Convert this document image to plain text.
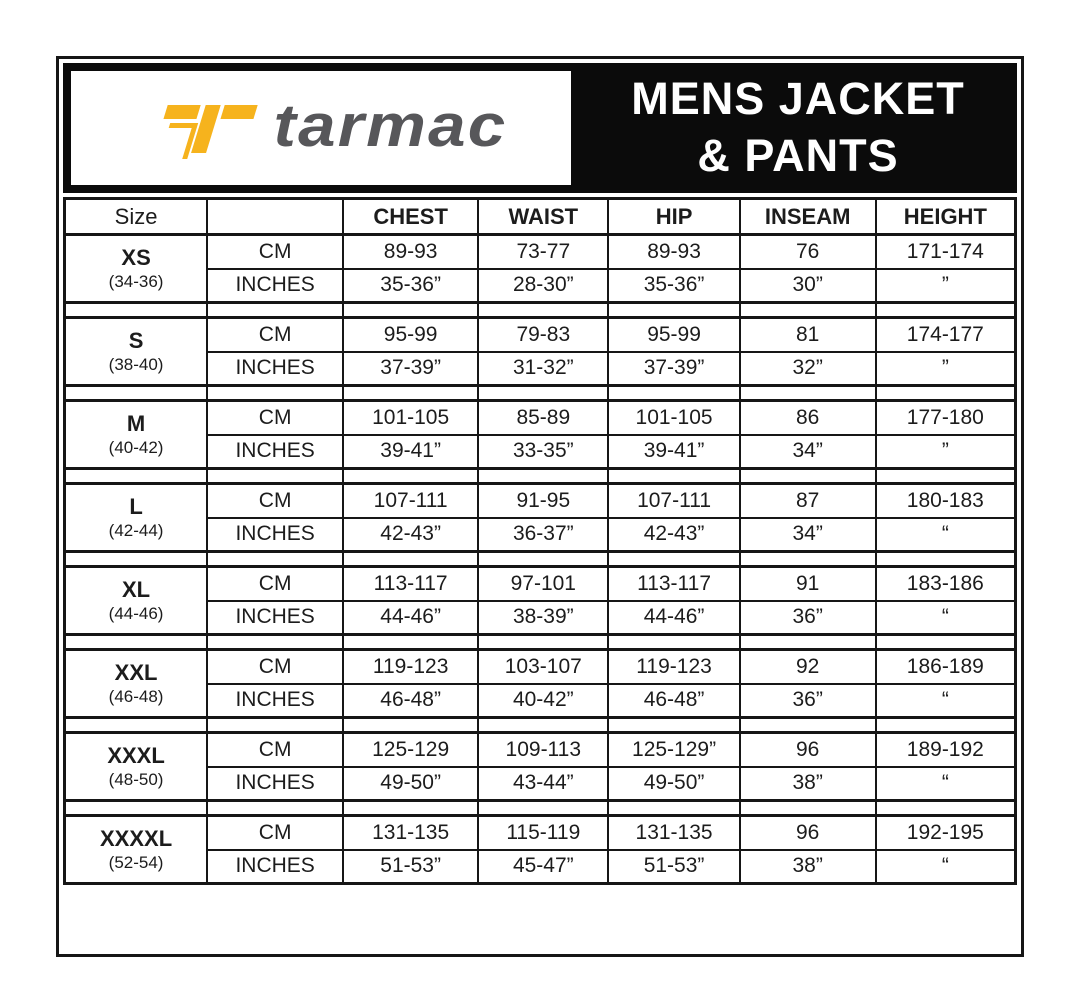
tarmac	MENS JACKET
& PANTS
Size		CHEST	WAIST	HIP	INSEAM	HEIGHT

XS
(34-36)	CM	89-93	73-77	89-93	76	171-174
	INCHES	35-36”	28-30”	35-36”	30”	”

S
(38-40)	CM	95-99	79-83	95-99	81	174-177
	INCHES	37-39”	31-32”	37-39”	32”	”

M
(40-42)	CM	101-105	85-89	101-105	86	177-180
	INCHES	39-41”	33-35”	39-41”	34”	”

L
(42-44)	CM	107-111	91-95	107-111	87	180-183
	INCHES	42-43”	36-37”	42-43”	34”	“

XL
(44-46)	CM	113-117	97-101	113-117	91	183-186
	INCHES	44-46”	38-39”	44-46”	36”	“

XXL
(46-48)	CM	119-123	103-107	119-123	92	186-189
	INCHES	46-48”	40-42”	46-48”	36”	“

XXXL
(48-50)	CM	125-129	109-113	125-129”	96	189-192
	INCHES	49-50”	43-44”	49-50”	38”	“

XXXXL
(52-54)	CM	131-135	115-119	131-135	96	192-195
	INCHES	51-53”	45-47”	51-53”	38”	“
